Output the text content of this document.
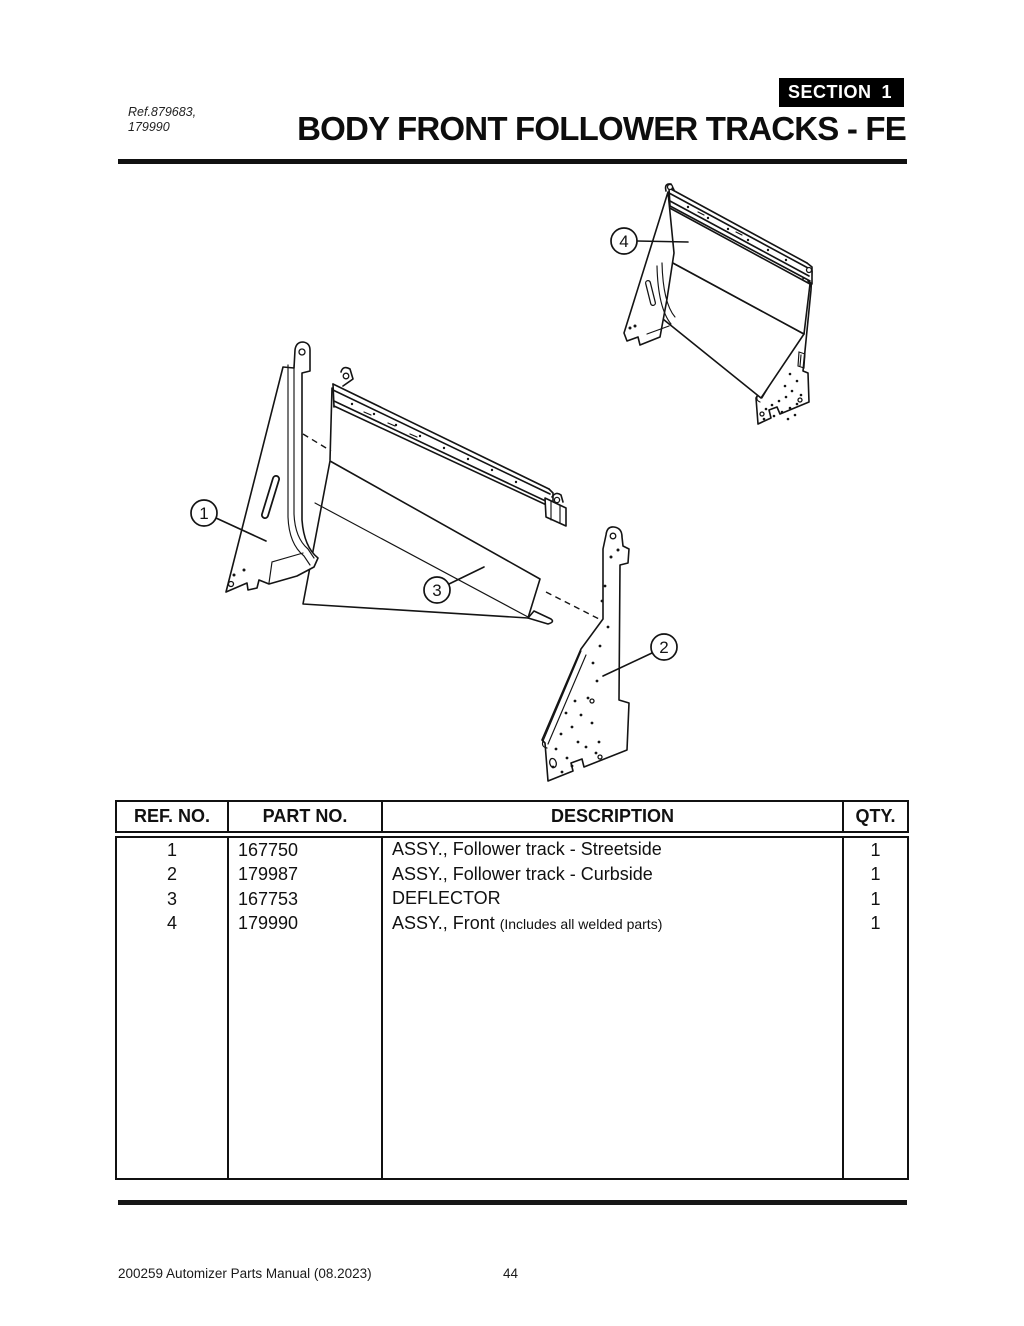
Ref.879683,
179990
SECTION 1
BODY FRONT FOLLOWER TRACKS - FE
1
2
3
4
REF. NO.	PART NO.	DESCRIPTION	QTY.
1	167750	ASSY., Follower track - Streetside	1
2	179987	ASSY., Follower track - Curbside	1
3	167753	DEFLECTOR	1
4	179990	ASSY., Front (Includes all welded parts)	1

200259 Automizer Parts Manual (08.2023)	44
